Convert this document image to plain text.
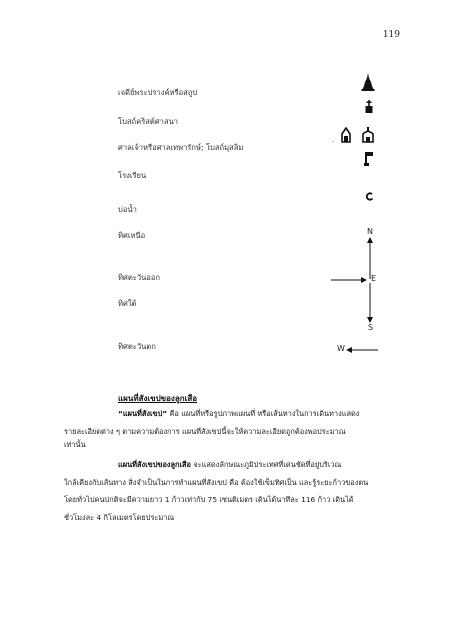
119
เจดีย์พระปรางค์หรือสถูป
โบสถ์คริสต์ศาสนา
ศาลเจ้าหรือศาลเทพารักษ์; โบสถ์มุสลิม
โรงเรียน
บ่อน้ำ
ทิศเหนือ
ทิศตะวันออก
ทิศใต้
ทิศตะวันตก
.
N
E
S
W
แผนที่สังเขปของลูกเสือ
“แผนที่สังเขป” คือ แผนที่หรือรูปภาพแผนที่ หรือเส้นทางในการเดินทางแสดง
รายละเอียดต่าง ๆ ตามความต้องการ แผนที่สังเขปนี้จะให้ความละเอียดถูกต้องพอประมาณ
เท่านั้น
แผนที่สังเขปของลูกเสือ จะแสดงลักษณะภูมิประเทศที่เด่นชัดที่อยู่บริเวณ
ใกล้เคียงกับเส้นทาง สิ่งจำเป็นในการทำแผนที่สังเขป คือ ต้องใช้เข็มทิศเป็น และรู้ระยะก้าวของตน
โดยทั่วไปคนปกติจะมีความยาว 1 ก้าวเท่ากับ 75 เซนติเมตร เดินได้นาทีละ 116 ก้าว เดินได้
ชั่วโมงละ 4 กิโลเมตรโดยประมาณ
